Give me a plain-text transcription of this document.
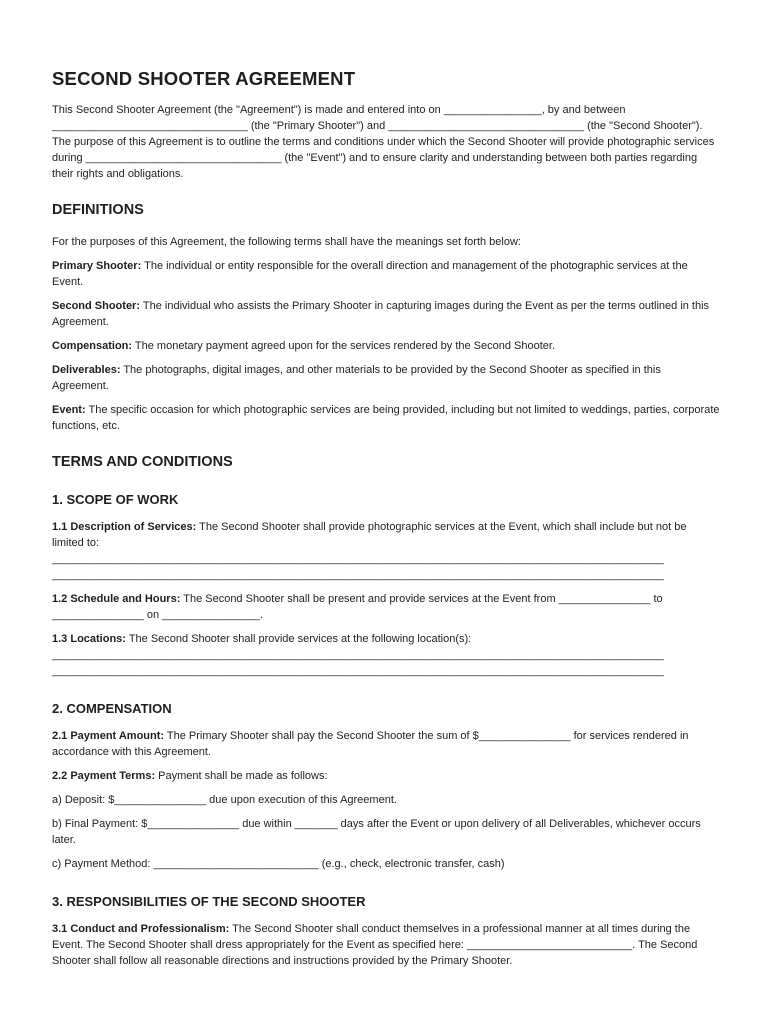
SECOND SHOOTER AGREEMENT

This Second Shooter Agreement (the "Agreement") is made and entered into on ________________, by and between ________________________________ (the "Primary Shooter") and ________________________________ (the "Second Shooter"). The purpose of this Agreement is to outline the terms and conditions under which the Second Shooter will provide photographic services during ________________________________ (the "Event") and to ensure clarity and understanding between both parties regarding their rights and obligations.

DEFINITIONS

For the purposes of this Agreement, the following terms shall have the meanings set forth below:

Primary Shooter: The individual or entity responsible for the overall direction and management of the photographic services at the Event.

Second Shooter: The individual who assists the Primary Shooter in capturing images during the Event as per the terms outlined in this Agreement.

Compensation: The monetary payment agreed upon for the services rendered by the Second Shooter.

Deliverables: The photographs, digital images, and other materials to be provided by the Second Shooter as specified in this Agreement.

Event: The specific occasion for which photographic services are being provided, including but not limited to weddings, parties, corporate functions, etc.

TERMS AND CONDITIONS
1. SCOPE OF WORK

1.1 Description of Services: The Second Shooter shall provide photographic services at the Event, which shall include but not be limited to:

____________________________________________________________________________________________________
____________________________________________________________________________________________________

1.2 Schedule and Hours: The Second Shooter shall be present and provide services at the Event from _______________ to _______________ on ________________.

1.3 Locations: The Second Shooter shall provide services at the following location(s):

____________________________________________________________________________________________________
____________________________________________________________________________________________________
2. COMPENSATION

2.1 Payment Amount: The Primary Shooter shall pay the Second Shooter the sum of $_______________ for services rendered in accordance with this Agreement.

2.2 Payment Terms: Payment shall be made as follows:

a) Deposit: $_______________ due upon execution of this Agreement.

b) Final Payment: $_______________ due within _______ days after the Event or upon delivery of all Deliverables, whichever occurs later.

c) Payment Method: ___________________________ (e.g., check, electronic transfer, cash)

3. RESPONSIBILITIES OF THE SECOND SHOOTER

3.1 Conduct and Professionalism: The Second Shooter shall conduct themselves in a professional manner at all times during the Event. The Second Shooter shall dress appropriately for the Event as specified here: ___________________________. The Second Shooter shall follow all reasonable directions and instructions provided by the Primary Shooter.
